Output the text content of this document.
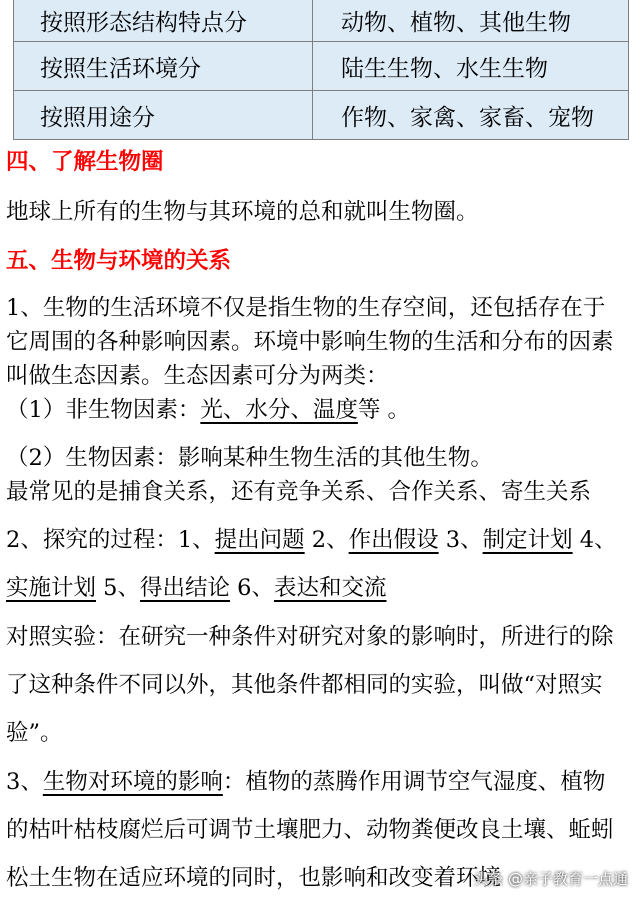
按照形态结构特点分	动物、植物、其他生物
按照生活环境分	陆生生物、水生生物
按照用途分	作物、家禽、家畜、宠物
四、了解生物圈
地球上所有的生物与其环境的总和就叫生物圈。
五、生物与环境的关系
1、生物的生活环境不仅是指生物的生存空间，还包括存在于
它周围的各种影响因素。环境中影响生物的生活和分布的因素
叫做生态因素。生态因素可分为两类：
（1）非生物因素：光、水分、温度等 。
（2）生物因素：影响某种生物生活的其他生物。
最常见的是捕食关系，还有竞争关系、合作关系、寄生关系
2、探究的过程：1、提出问题 2、作出假设 3、制定计划 4、
实施计划 5、得出结论 6、表达和交流
对照实验：在研究一种条件对研究对象的影响时，所进行的除
了这种条件不同以外，其他条件都相同的实验，叫做“对照实
验”。
3、生物对环境的影响：植物的蒸腾作用调节空气湿度、植物
的枯叶枯枝腐烂后可调节土壤肥力、动物粪便改良土壤、蚯蚓
松土生物在适应环境的同时，也影响和改变着环境
头条 @亲子教育一点通
